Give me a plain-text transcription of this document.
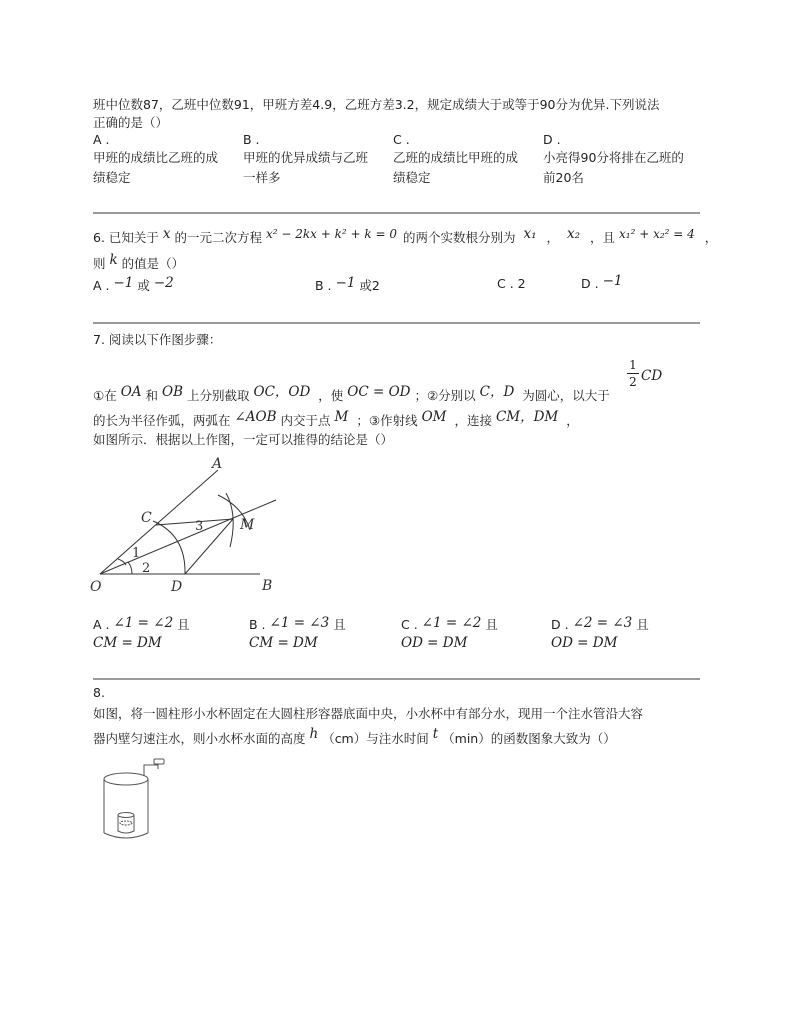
班中位数87，乙班中位数91，甲班方差4.9，乙班方差3.2，规定成绩大于或等于90分为优异.下列说法
正确的是（）
A .
甲班的成绩比乙班的成
绩稳定
B .
甲班的优异成绩与乙班
一样多
C .
乙班的成绩比甲班的成
绩稳定
D .
小亮得90分将排在乙班的
前20名
6. 已知关于 x 的一元二次方程 x² − 2kx + k² + k = 0 的两个实数根分别为 x₁ ， x₂ ，且 x₁² + x₂² = 4 ，
则 k 的值是（）
A . −1 或 −2	B . −1 或2	C . 2	D . −1
7. 阅读以下作图步骤：
①在 OA 和 OB 上分别截取 OC，OD ，使 OC = OD ；②分别以 C，D 为圆心，以大于
1
2 CD
的长为半径作弧，两弧在 ∠AOB 内交于点 M ；③作射线 OM ，连接 CM，DM ，
如图所示．根据以上作图，一定可以推得的结论是（）
A
B
C
D
O
M
1
2
3
A . ∠1 = ∠2 且
CM = DM
B . ∠1 = ∠3 且
CM = DM
C . ∠1 = ∠2 且
OD = DM
D . ∠2 = ∠3 且
OD = DM
8.
如图，将一圆柱形小水杯固定在大圆柱形容器底面中央，小水杯中有部分水，现用一个注水管沿大容
器内壁匀速注水，则小水杯水面的高度 h （cm）与注水时间 t （min）的函数图象大致为（）
